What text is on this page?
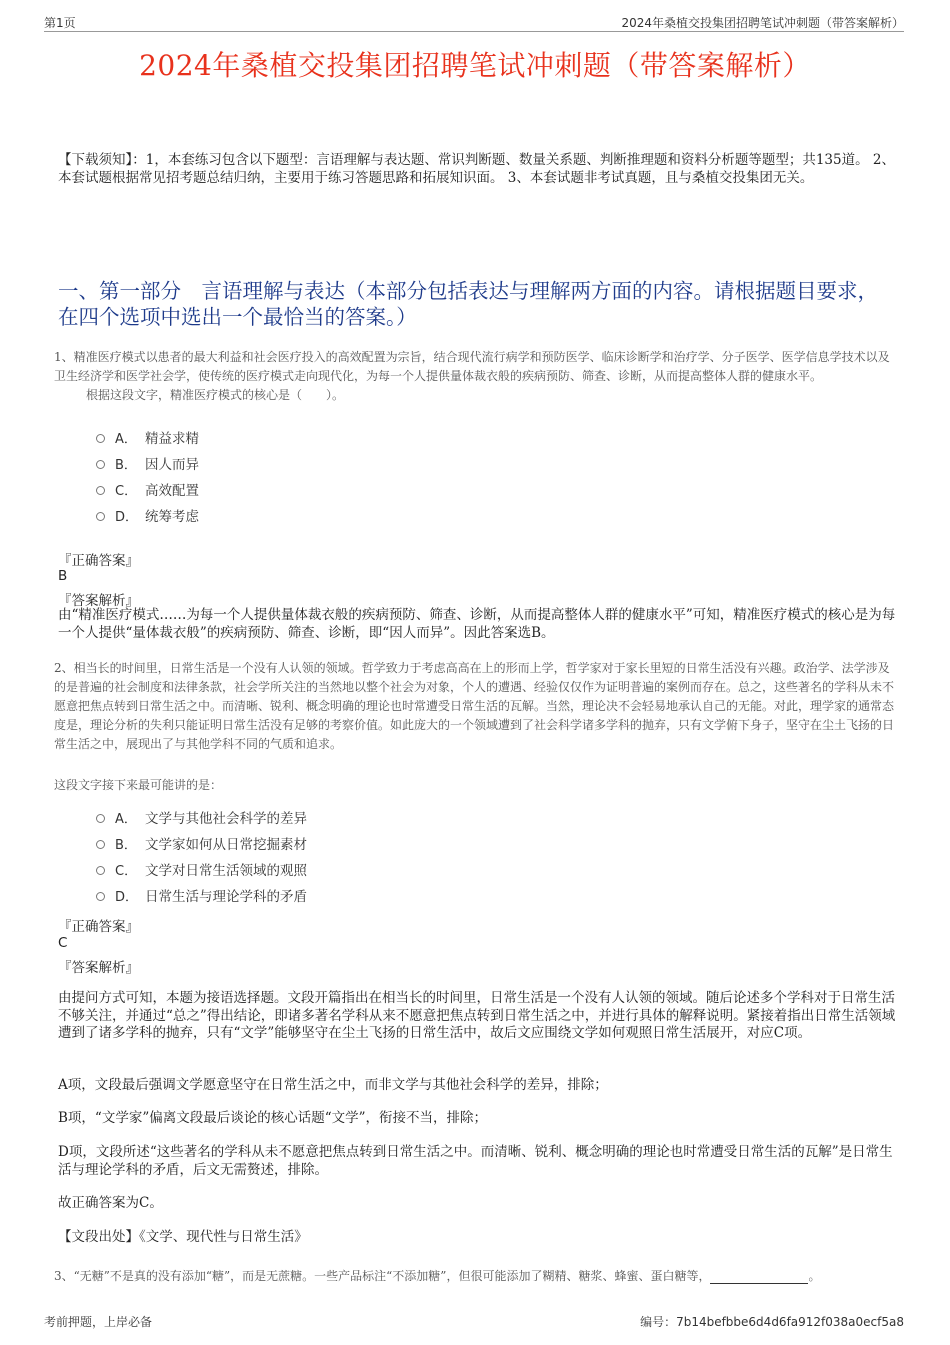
第1页	2024年桑植交投集团招聘笔试冲刺题（带答案解析）
2024年桑植交投集团招聘笔试冲刺题（带答案解析）
【下载须知】：1，本套练习包含以下题型：言语理解与表达题、常识判断题、数量关系题、判断推理题和资料分析题等题型；共135道。 2、本套试题根据常见招考题总结归纳，主要用于练习答题思路和拓展知识面。 3、本套试题非考试真题，且与桑植交投集团无关。
一、第一部分　言语理解与表达（本部分包括表达与理解两方面的内容。请根据题目要求，在四个选项中选出一个最恰当的答案。）
1、精准医疗模式以患者的最大利益和社会医疗投入的高效配置为宗旨，结合现代流行病学和预防医学、临床诊断学和治疗学、分子医学、医学信息学技术以及卫生经济学和医学社会学，使传统的医疗模式走向现代化，为每一个人提供量体裁衣般的疾病预防、筛查、诊断，从而提高整体人群的健康水平。
根据这段文字，精准医疗模式的核心是（　　）。
A． 精益求精
B． 因人而异
C． 高效配置
D． 统筹考虑
『正确答案』
B
『答案解析』
由“精准医疗模式……为每一个人提供量体裁衣般的疾病预防、筛查、诊断，从而提高整体人群的健康水平”可知，精准医疗模式的核心是为每一个人提供“量体裁衣般”的疾病预防、筛查、诊断，即“因人而异”。因此答案选B。
2、相当长的时间里，日常生活是一个没有人认领的领域。哲学致力于考虑高高在上的形而上学，哲学家对于家长里短的日常生活没有兴趣。政治学、法学涉及的是普遍的社会制度和法律条款，社会学所关注的当然地以整个社会为对象，个人的遭遇、经验仅仅作为证明普遍的案例而存在。总之，这些著名的学科从未不愿意把焦点转到日常生活之中。而清晰、锐利、概念明确的理论也时常遭受日常生活的瓦解。当然，理论决不会轻易地承认自己的无能。对此，理学家的通常态度是，理论分析的失利只能证明日常生活没有足够的考察价值。如此庞大的一个领域遭到了社会科学诸多学科的抛弃，只有文学俯下身子，坚守在尘土飞扬的日常生活之中，展现出了与其他学科不同的气质和追求。
这段文字接下来最可能讲的是：
A． 文学与其他社会科学的差异
B． 文学家如何从日常挖掘素材
C． 文学对日常生活领域的观照
D． 日常生活与理论学科的矛盾
『正确答案』
C
『答案解析』
由提问方式可知，本题为接语选择题。文段开篇指出在相当长的时间里，日常生活是一个没有人认领的领域。随后论述多个学科对于日常生活不够关注，并通过“总之”得出结论，即诸多著名学科从来不愿意把焦点转到日常生活之中，并进行具体的解释说明。紧接着指出日常生活领域遭到了诸多学科的抛弃，只有“文学”能够坚守在尘土飞扬的日常生活中，故后文应围绕文学如何观照日常生活展开，对应C项。
A项，文段最后强调文学愿意坚守在日常生活之中，而非文学与其他社会科学的差异，排除；
B项，“文学家”偏离文段最后谈论的核心话题“文学”，衔接不当，排除；
D项，文段所述“这些著名的学科从未不愿意把焦点转到日常生活之中。而清晰、锐利、概念明确的理论也时常遭受日常生活的瓦解”是日常生活与理论学科的矛盾，后文无需赘述，排除。
故正确答案为C。
【文段出处】《文学、现代性与日常生活》
3、“无糖”不是真的没有添加“糖”，而是无蔗糖。一些产品标注“不添加糖”，但很可能添加了糊精、糖浆、蜂蜜、蛋白糖等，	。
考前押题，上岸必备	编号：7b14befbbe6d4d6fa912f038a0ecf5a8
